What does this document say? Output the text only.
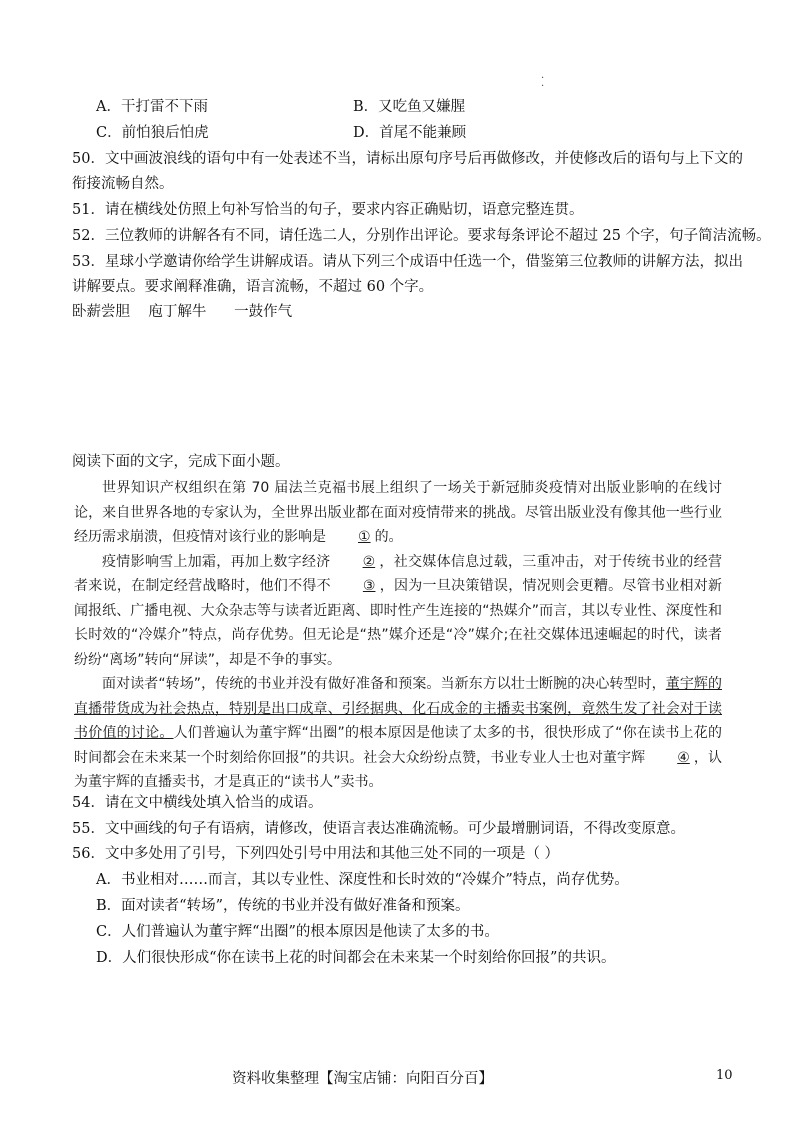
.
.
A．干打雷不下雨	B．又吃鱼又嫌腥
C．前怕狼后怕虎	D．首尾不能兼顾
50．文中画波浪线的语句中有一处表述不当，请标出原句序号后再做修改，并使修改后的语句与上下文的
衔接流畅自然。
51．请在横线处仿照上句补写恰当的句子，要求内容正确贴切，语意完整连贯。
52．三位教师的讲解各有不同，请任选二人，分别作出评论。要求每条评论不超过 25 个字，句子简洁流畅。
53．星球小学邀请你给学生讲解成语。请从下列三个成语中任选一个，借鉴第三位教师的讲解方法，拟出
讲解要点。要求阐释准确，语言流畅，不超过 60 个字。
卧薪尝胆    庖丁解牛      一鼓作气
阅读下面的文字，完成下面小题。

世界知识产权组织在第 70 届法兰克福书展上组织了一场关于新冠肺炎疫情对出版业影响的在线讨论，来自世界各地的专家认为，全世界出版业都在面对疫情带来的挑战。尽管出版业没有像其他一些行业经历需求崩溃，但疫情对该行业的影响是 ① 的。

疫情影响雪上加霜，再加上数字经济 ② ，社交媒体信息过载，三重冲击，对于传统书业的经营者来说，在制定经营战略时，他们不得不 ③ ，因为一旦决策错误，情况则会更糟。尽管书业相对新闻报纸、广播电视、大众杂志等与读者近距离、即时性产生连接的“热媒介”而言，其以专业性、深度性和长时效的“冷媒介”特点，尚存优势。但无论是“热”媒介还是“冷”媒介;在社交媒体迅速崛起的时代，读者纷纷“离场”转向“屏读”，却是不争的事实。

面对读者“转场”，传统的书业并没有做好准备和预案。当新东方以壮士断腕的决心转型时，董宇辉的直播带货成为社会热点，特别是出口成章、引经据典、化石成金的主播卖书案例，竟然生发了社会对于读书价值的讨论。人们普遍认为董宇辉“出圈”的根本原因是他读了太多的书，很快形成了“你在读书上花的时间都会在未来某一个时刻给你回报”的共识。社会大众纷纷点赞，书业专业人士也对董宇辉 ④ ，认为董宇辉的直播卖书，才是真正的“读书人”卖书。

54．请在文中横线处填入恰当的成语。
55．文中画线的句子有语病，请修改，使语言表达准确流畅。可少最增删词语，不得改变原意。
56．文中多处用了引号，下列四处引号中用法和其他三处不同的一项是（ ）
A．书业相对……而言，其以专业性、深度性和长时效的“冷媒介”特点，尚存优势。
B．面对读者“转场”，传统的书业并没有做好准备和预案。
C．人们普遍认为董宇辉“出圈”的根本原因是他读了太多的书。
D．人们很快形成“你在读书上花的时间都会在未来某一个时刻给你回报”的共识。
资料收集整理【淘宝店铺：向阳百分百】	10
